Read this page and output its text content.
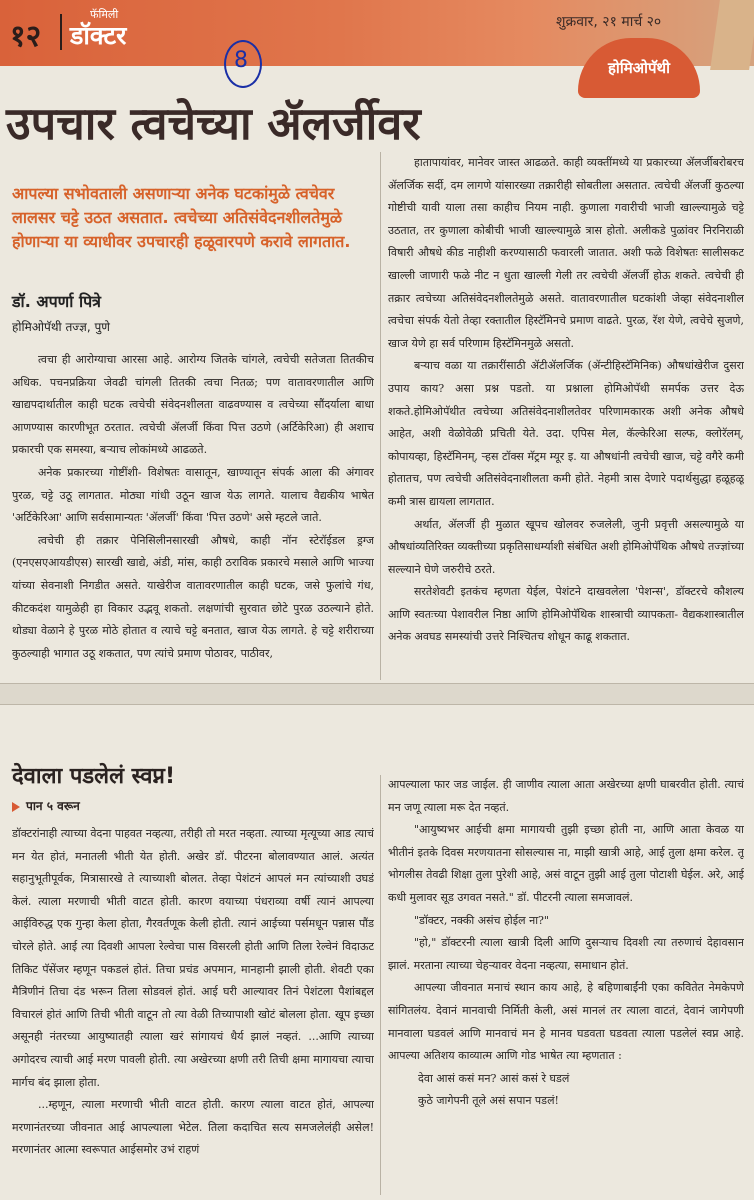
१२
फॅमिली
डॉक्टर	शुक्रवार, २१ मार्च २०
होमिओपॅथी
8
उपचार त्वचेच्या ॲलर्जीवर
आपल्या सभोवताली असणाऱ्या अनेक घटकांमुळे त्वचेवर लालसर चट्टे उठत असतात. त्वचेच्या अतिसंवेदनशीलतेमुळे होणाऱ्या या व्याधीवर उपचारही हळूवारपणे करावे लागतात.
डॉ. अपर्णा पित्रे
होमिओपॅथी तज्ज्ञ, पुणे

त्वचा ही आरोग्याचा आरसा आहे. आरोग्य जितके चांगले, त्वचेची सतेजता तितकीच अधिक. पचनप्रक्रिया जेवढी चांगली तितकी त्वचा नितळ; पण वातावरणातील आणि खाद्यपदार्थातील काही घटक त्वचेची संवेदनशीलता वाढवण्यास व त्वचेच्या सौंदर्याला बाधा आणण्यास कारणीभूत ठरतात. त्वचेची ॲलर्जी किंवा पित्त उठणे (अर्टिकेरिआ) ही अशाच प्रकारची एक समस्या, बऱ्याच लोकांमध्ये आढळते.

अनेक प्रकारच्या गोष्टींशी- विशेषतः वासातून, खाण्यातून संपर्क आला की अंगावर पुरळ, चट्टे उठू लागतात. मोठ्या गांधी उठून खाज येऊ लागते. यालाच वैद्यकीय भाषेत 'अर्टिकेरिआ' आणि सर्वसामान्यतः 'ॲलर्जी' किंवा 'पित्त उठणे' असे म्हटले जाते.

त्वचेची ही तक्रार पेनिसिलीनसारखी औषधे, काही नॉन स्टेरॉईडल ड्रग्ज (एनएसएआयडीएस) सारखी खाद्ये, अंडी, मांस, काही ठराविक प्रकारचे मसाले आणि भाज्या यांच्या सेवनाशी निगडीत असते. याखेरीज वातावरणातील काही घटक, जसे फुलांचे गंध, कीटकदंश यामुळेही हा विकार उद्भवू शकतो. लक्षणांची सुरवात छोटे पुरळ उठल्याने होते. थोड्या वेळाने हे पुरळ मोठे होतात व त्याचे चट्टे बनतात, खाज येऊ लागते. हे चट्टे शरीराच्या कुठल्याही भागात उठू शकतात, पण त्यांचे प्रमाण पोठावर, पाठीवर,

हातापायांवर, मानेवर जास्त आढळते. काही व्यक्तींमध्ये या प्रकारच्या ॲलर्जीबरोबरच ॲलर्जिक सर्दी, दम लागणे यांसारख्या तक्रारीही सोबतीला असतात. त्वचेची ॲलर्जी कुठल्या गोष्टीची यावी याला तसा काहीच नियम नाही. कुणाला गवारीची भाजी खाल्ल्यामुळे चट्टे उठतात, तर कुणाला कोबीची भाजी खाल्ल्यामुळे त्रास होतो. अलीकडे पुळांवर निरनिराळी विषारी औषधे कीड नाहीशी करण्यासाठी फवारली जातात. अशी फळे विशेषतः सालीसकट खाल्ली जाणारी फळे नीट न धुता खाल्ली गेली तर त्वचेची ॲलर्जी होऊ शकते. त्वचेची ही तक्रार त्वचेच्या अतिसंवेदनशीलतेमुळे असते. वातावरणातील घटकांशी जेव्हा संवेदनाशील त्वचेचा संपर्क येतो तेव्हा रक्तातील हिस्टॅमिनचे प्रमाण वाढते. पुरळ, रॅश येणे, त्वचेचे सुजणे, खाज येणे हा सर्व परिणाम हिस्टॅमिनमुळे असतो.

बऱ्याच वळा या तक्रारींसाठी ॲटीॲलर्जिक (ॲन्टीहिस्टॅमिनिक) औषधांखेरीज दुसरा उपाय काय? असा प्रश्न पडतो. या प्रश्नाला होमिओपॅथी समर्पक उत्तर देऊ शकते.होमिओपॅथीत त्वचेच्या अतिसंवेदनाशीलतेवर परिणामकारक अशी अनेक औषधे आहेत, अशी वेळोवेळी प्रचिती येते. उदा. एपिस मेल, कॅल्केरिआ सल्फ, क्लोरॅलम्, कोपायव्हा, हिस्टॅमिनम्, ऱ्हस टॉक्स मॅट्रम म्यूर इ. या औषधांनी त्वचेची खाज, चट्टे वगैरे कमी होतातच, पण त्वचेची अतिसंवेदनाशीलता कमी होते. नेहमी त्रास देणारे पदार्थसुद्धा हळूहळू कमी त्रास द्यायला लागतात.

अर्थात, ॲलर्जी ही मुळात खूपच खोलवर रुजलेली, जुनी प्रवृत्ती असल्यामुळे या औषधांव्यतिरिक्त व्यक्तीच्या प्रकृतिसाधर्म्याशी संबंधित अशी होमिओपॅथिक औषधे तज्ज्ञांच्या सल्ल्याने घेणे जरुरीचे ठरते.

सरतेशेवटी इतकंच म्हणता येईल, पेशंटने दाखवलेला 'पेशन्स', डॉक्टरचे कौशल्य आणि स्वतःच्या पेशावरील निष्ठा आणि होमिओपॅथिक शास्त्राची व्यापकता- वैद्यकशास्त्रातील अनेक अवघड समस्यांची उत्तरे निश्चितच शोधून काढू शकतात.

देवाला पडलेलं स्वप्न!
पान ५ वरून

डॉक्टरांनाही त्याच्या वेदना पाहवत नव्हत्या, तरीही तो मरत नव्हता. त्याच्या मृत्यूच्या आड त्याचं मन येत होतं, मनातली भीती येत होती. अखेर डॉ. पीटरना बोलावण्यात आलं. अत्यंत सहानुभूतीपूर्वक, मित्रासारखे ते त्याच्याशी बोलत. तेव्हा पेशंटनं आपलं मन त्यांच्याशी उघडं केलं. त्याला मरणाची भीती वाटत होती. कारण वयाच्या पंधराव्या वर्षी त्यानं आपल्या आईविरुद्ध एक गुन्हा केला होता, गैरवर्तणूक केली होती. त्यानं आईच्या पर्समधून पन्नास पौंड चोरले होते. आई त्या दिवशी आपला रेल्वेचा पास विसरली होती आणि तिला रेल्वेनं विदाऊट तिकिट पॅसेंजर म्हणून पकडलं होतं. तिचा प्रचंड अपमान, मानहानी झाली होती. शेवटी एका मैत्रिणीनं तिचा दंड भरून तिला सोडवलं होतं. आई घरी आल्यावर तिनं पेशंटला पैशांबद्दल विचारलं होतं आणि तिची भीती वाटून तो त्या वेळी तिच्यापाशी खोटं बोलला होता. खूप इच्छा असूनही नंतरच्या आयुष्यातही त्याला खरं सांगायचं धैर्य झालं नव्हतं. ...आणि त्याच्या अगोदरच त्याची आई मरण पावली होती. त्या अखेरच्या क्षणी तरी तिची क्षमा मागायचा त्याचा मार्गच बंद झाला होता.

...म्हणून, त्याला मरणाची भीती वाटत होती. कारण त्याला वाटत होतं, आपल्या मरणानंतरच्या जीवनात आई आपल्याला भेटेल. तिला कदाचित सत्य समजलेलंही असेल! मरणानंतर आत्मा स्वरूपात आईसमोर उभं राहणं

आपल्याला फार जड जाईल. ही जाणीव त्याला आता अखेरच्या क्षणी घाबरवीत होती. त्याचं मन जणू त्याला मरू देत नव्हतं.

"आयुष्यभर आईची क्षमा मागायची तुझी इच्छा होती ना, आणि आता केवळ या भीतीनं इतके दिवस मरणयातना सोसल्यास ना, माझी खात्री आहे, आई तुला क्षमा करेल. तू भोगलीस तेवढी शिक्षा तुला पुरेशी आहे, असं वाटून तुझी आई तुला पोटाशी घेईल. अरे, आई कधी मुलावर सूड उगवत नसते." डॉ. पीटरनी त्याला समजावलं.

"डॉक्टर, नक्की असंच होईल ना?"

"हो," डॉक्टरनी त्याला खात्री दिली आणि दुसऱ्याच दिवशी त्या तरुणाचं देहावसान झालं. मरताना त्याच्या चेहऱ्यावर वेदना नव्हत्या, समाधान होतं.

आपल्या जीवनात मनाचं स्थान काय आहे, हे बहिणाबाईंनी एका कवितेत नेमकेपणे सांगितलंय. देवानं मानवाची निर्मिती केली, असं मानलं तर त्याला वाटतं, देवानं जागेपणी मानवाला घडवलं आणि मानवाचं मन हे मानव घडवता घडवता त्याला पडलेलं स्वप्न आहे. आपल्या अतिशय काव्यात्म आणि गोड भाषेत त्या म्हणतात :

देवा आसं कसं मन? आसं कसं रे घडलं

कुठे जागेपनी तूले असं सपान पडलं!
